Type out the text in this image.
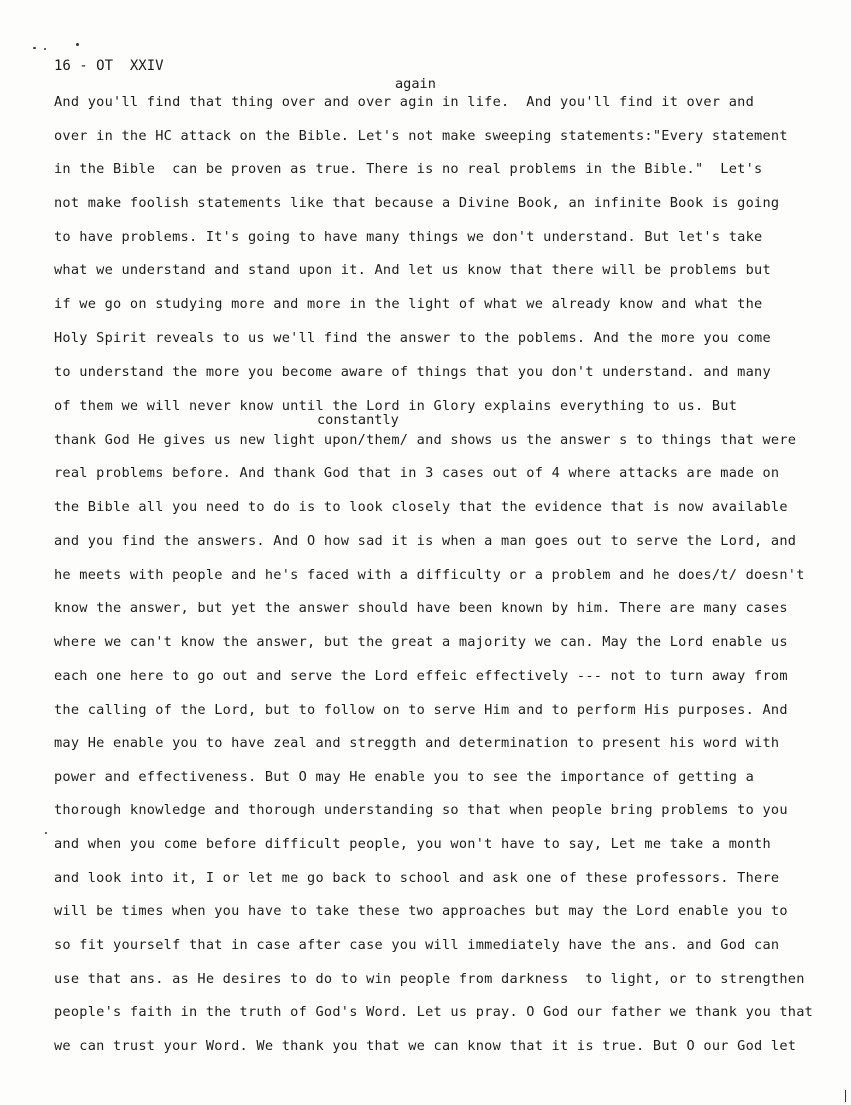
16 - OT  XXIV
again
constantly
And you'll find that thing over and over agin in life.  And you'll find it over and
over in the HC attack on the Bible. Let's not make sweeping statements:"Every statement
in the Bible  can be proven as true. There is no real problems in the Bible."  Let's
not make foolish statements like that because a Divine Book, an infinite Book is going
to have problems. It's going to have many things we don't understand. But let's take
what we understand and stand upon it. And let us know that there will be problems but
if we go on studying more and more in the light of what we already know and what the
Holy Spirit reveals to us we'll find the answer to the poblems. And the more you come
to understand the more you become aware of things that you don't understand. and many
of them we will never know until the Lord in Glory explains everything to us. But
thank God He gives us new light upon/them/ and shows us the answer s to things that were
real problems before. And thank God that in 3 cases out of 4 where attacks are made on
the Bible all you need to do is to look closely that the evidence that is now available
and you find the answers. And O how sad it is when a man goes out to serve the Lord, and
he meets with people and he's faced with a difficulty or a problem and he does/t/ doesn't
know the answer, but yet the answer should have been known by him. There are many cases
where we can't know the answer, but the great a majority we can. May the Lord enable us
each one here to go out and serve the Lord effeic effectively --- not to turn away from
the calling of the Lord, but to follow on to serve Him and to perform His purposes. And
may He enable you to have zeal and streggth and determination to present his word with
power and effectiveness. But O may He enable you to see the importance of getting a
thorough knowledge and thorough understanding so that when people bring problems to you
and when you come before difficult people, you won't have to say, Let me take a month
and look into it, I or let me go back to school and ask one of these professors. There
will be times when you have to take these two approaches but may the Lord enable you to
so fit yourself that in case after case you will immediately have the ans. and God can
use that ans. as He desires to do to win people from darkness  to light, or to strengthen
people's faith in the truth of God's Word. Let us pray. O God our father we thank you that
we can trust your Word. We thank you that we can know that it is true. But O our God let
